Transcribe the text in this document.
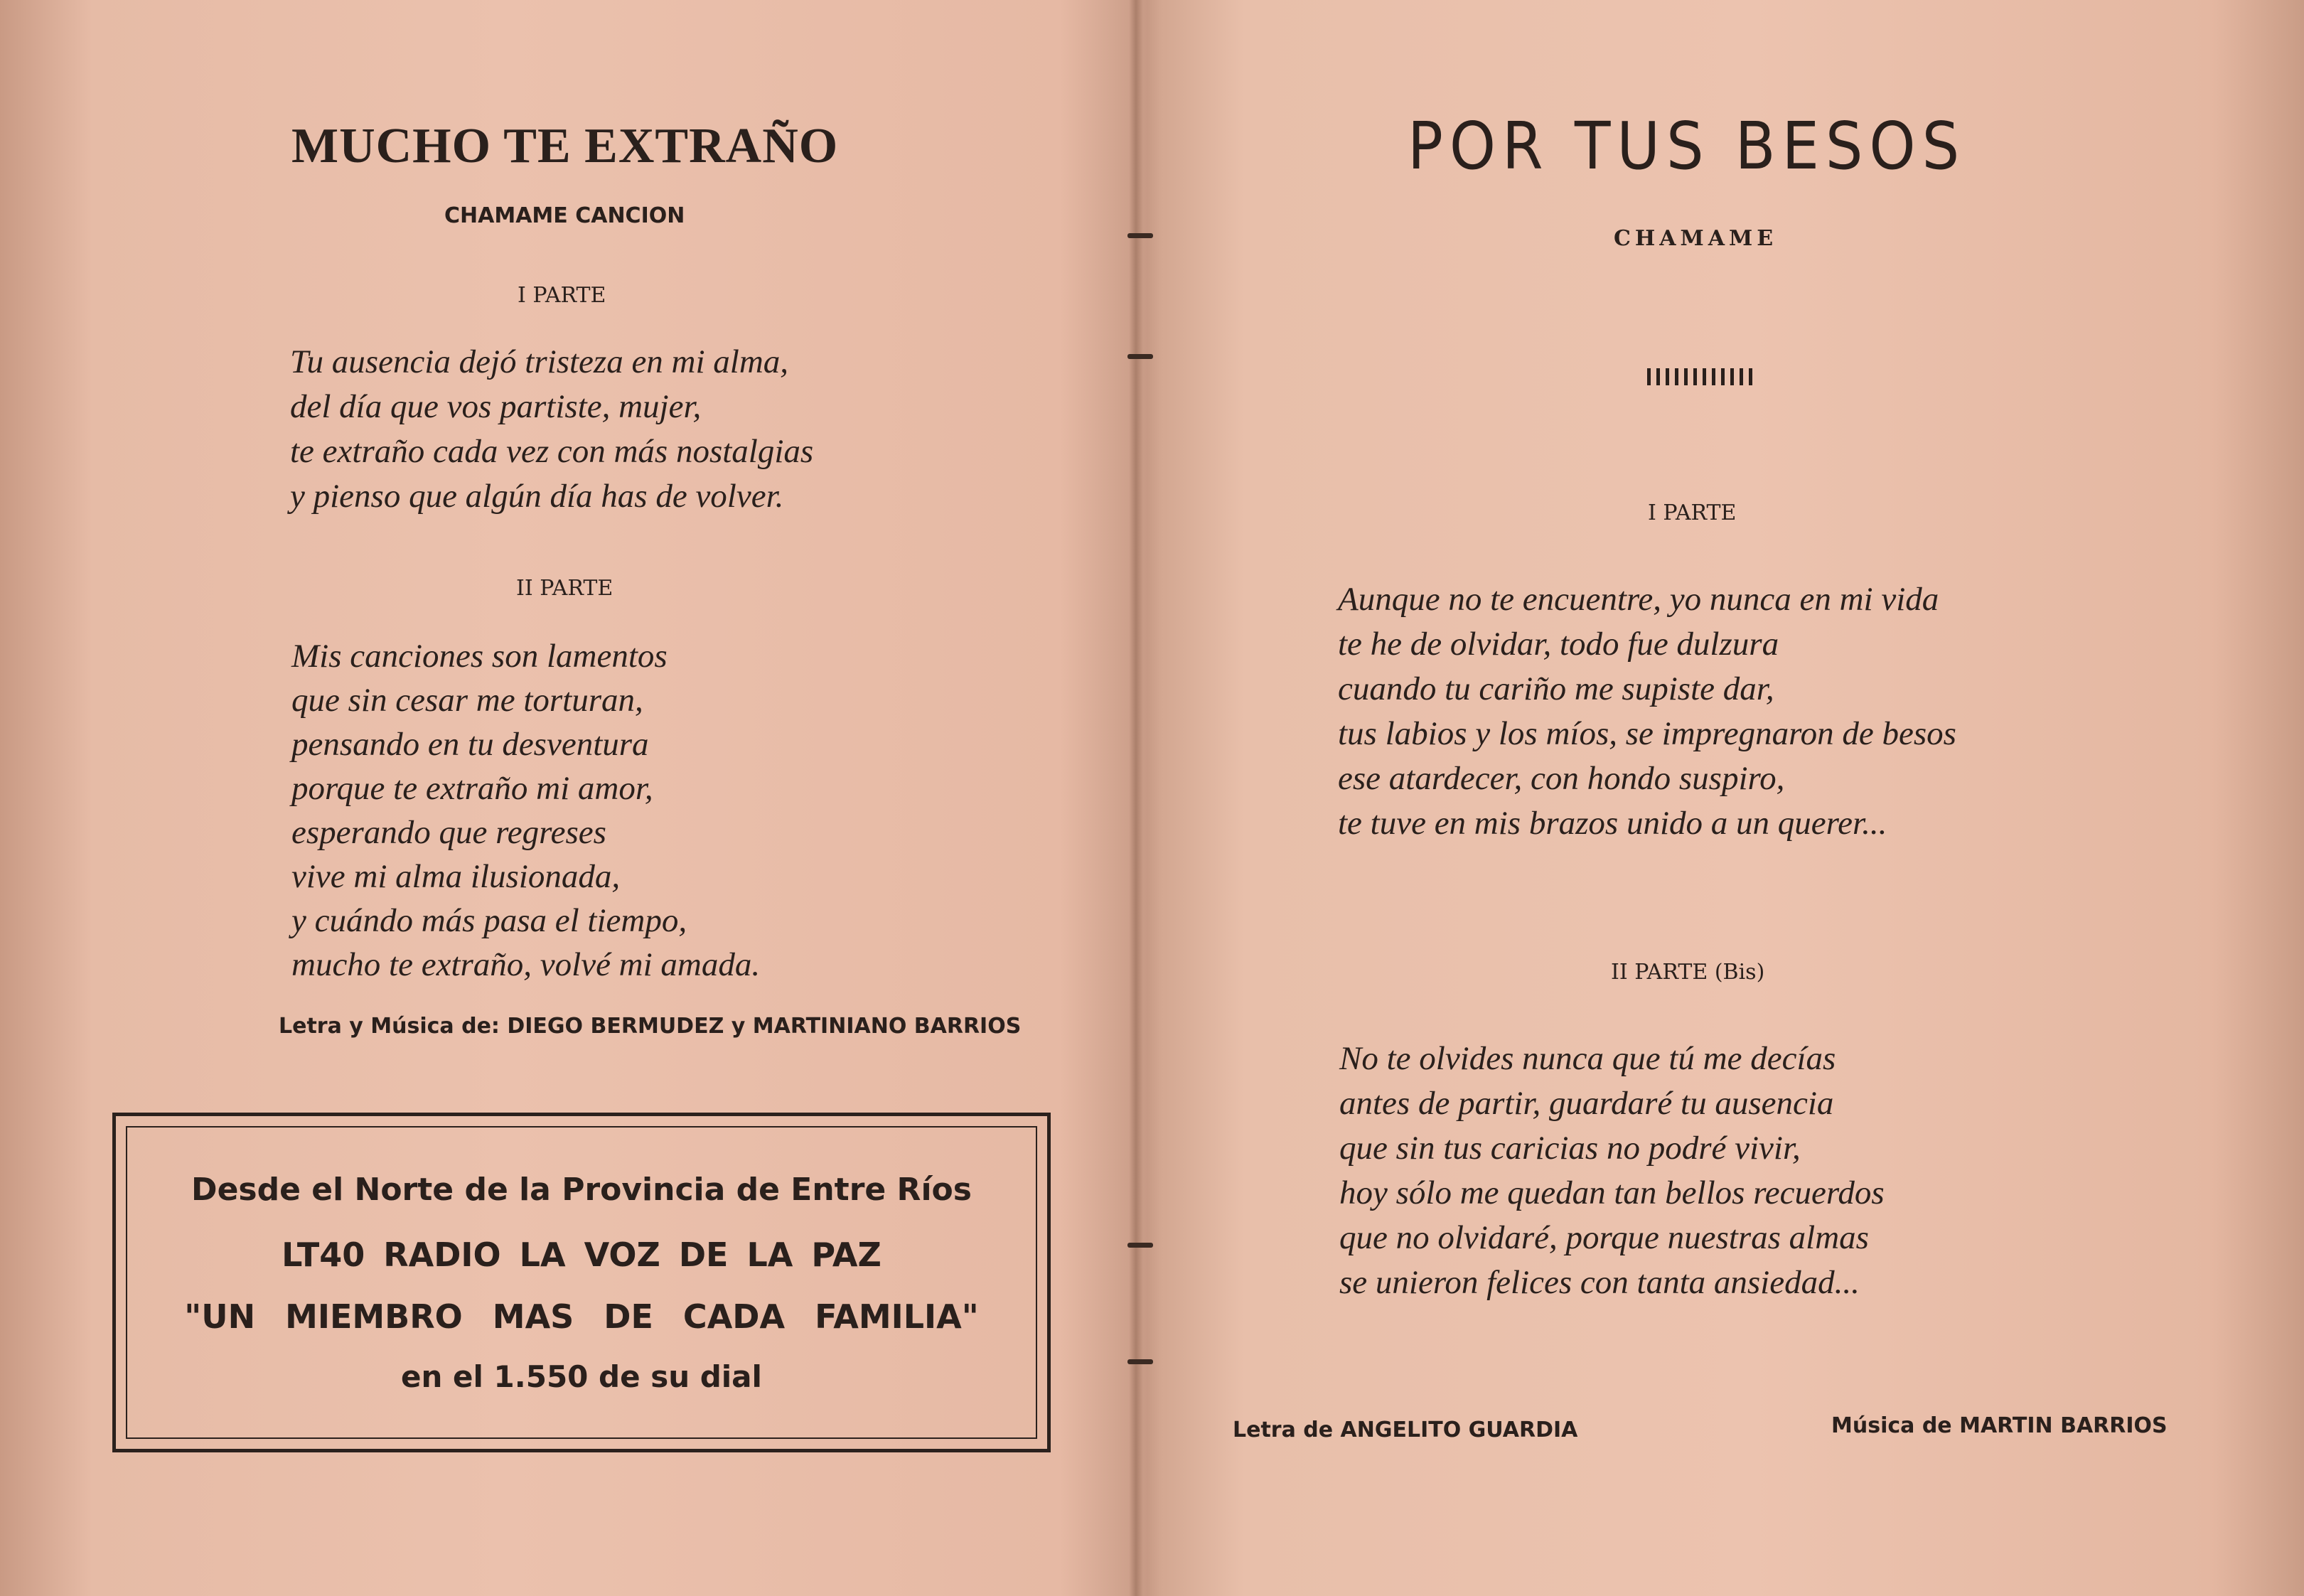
MUCHO TE EXTRAÑO
CHAMAME CANCION
I PARTE
Tu ausencia dejó tristeza en mi alma,
del día que vos partiste, mujer,
te extraño cada vez con más nostalgias
y pienso que algún día has de volver.
II PARTE
Mis canciones son lamentos
que sin cesar me torturan,
pensando en tu desventura
porque te extraño mi amor,
esperando que regreses
vive mi alma ilusionada,
y cuándo más pasa el tiempo,
mucho te extraño, volvé mi amada.
Letra y Música de: DIEGO BERMUDEZ y MARTINIANO BARRIOS
Desde el Norte de la Provincia de Entre Ríos
LT40 RADIO LA VOZ DE LA PAZ
"UN MIEMBRO MAS DE CADA FAMILIA"
en el 1.550 de su dial
POR TUS BESOS
CHAMAME
I PARTE
Aunque no te encuentre, yo nunca en mi vida
te he de olvidar, todo fue dulzura
cuando tu cariño me supiste dar,
tus labios y los míos, se impregnaron de besos
ese atardecer, con hondo suspiro,
te tuve en mis brazos unido a un querer...
II PARTE (Bis)
No te olvides nunca que tú me decías
antes de partir, guardaré tu ausencia
que sin tus caricias no podré vivir,
hoy sólo me quedan tan bellos recuerdos
que no olvidaré, porque nuestras almas
se unieron felices con tanta ansiedad...
Letra de ANGELITO GUARDIA	Música de MARTIN BARRIOS
